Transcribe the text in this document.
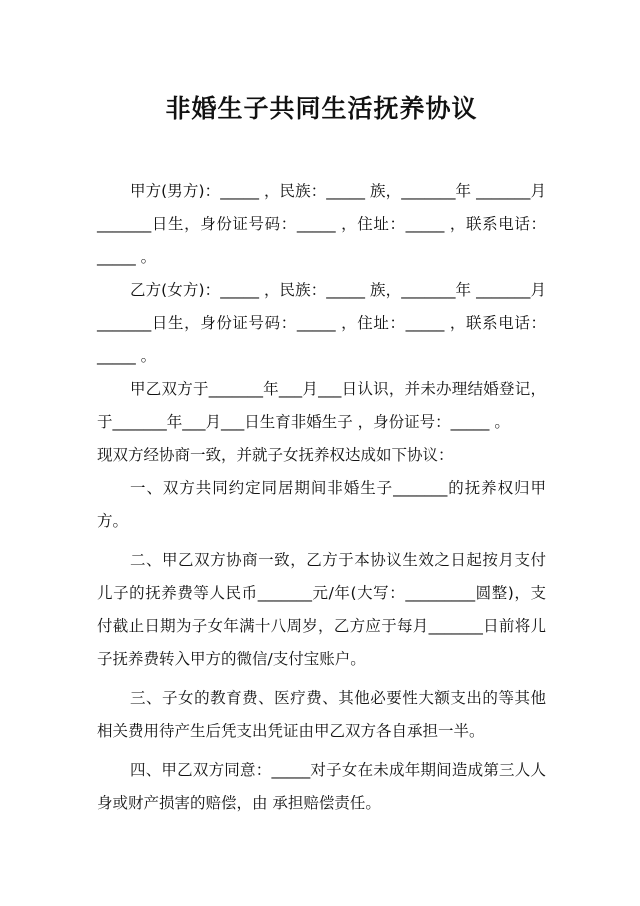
非婚生子共同生活抚养协议

甲方(男方)：_____ ，民族：_____ 族，_______年 _______月 _______日生，身份证号码：_____ ，住址：_____ ，联系电话：_____ 。

乙方(女方)：_____ ，民族：_____ 族，_______年 _______月 _______日生，身份证号码：_____ ，住址：_____ ，联系电话：_____ 。

甲乙双方于_______年___月___日认识，并未办理结婚登记，于_______年___月___日生育非婚生子 ，身份证号：_____ 。

现双方经协商一致，并就子女抚养权达成如下协议：

一、双方共同约定同居期间非婚生子_______的抚养权归甲方。

二、甲乙双方协商一致，乙方于本协议生效之日起按月支付儿子的抚养费等人民币_______元/年(大写：_________圆整)，支付截止日期为子女年满十八周岁，乙方应于每月_______日前将儿子抚养费转入甲方的微信/支付宝账户。

三、子女的教育费、医疗费、其他必要性大额支出的等其他相关费用待产生后凭支出凭证由甲乙双方各自承担一半。

四、甲乙双方同意：_____对子女在未成年期间造成第三人人身或财产损害的赔偿，由 承担赔偿责任。
